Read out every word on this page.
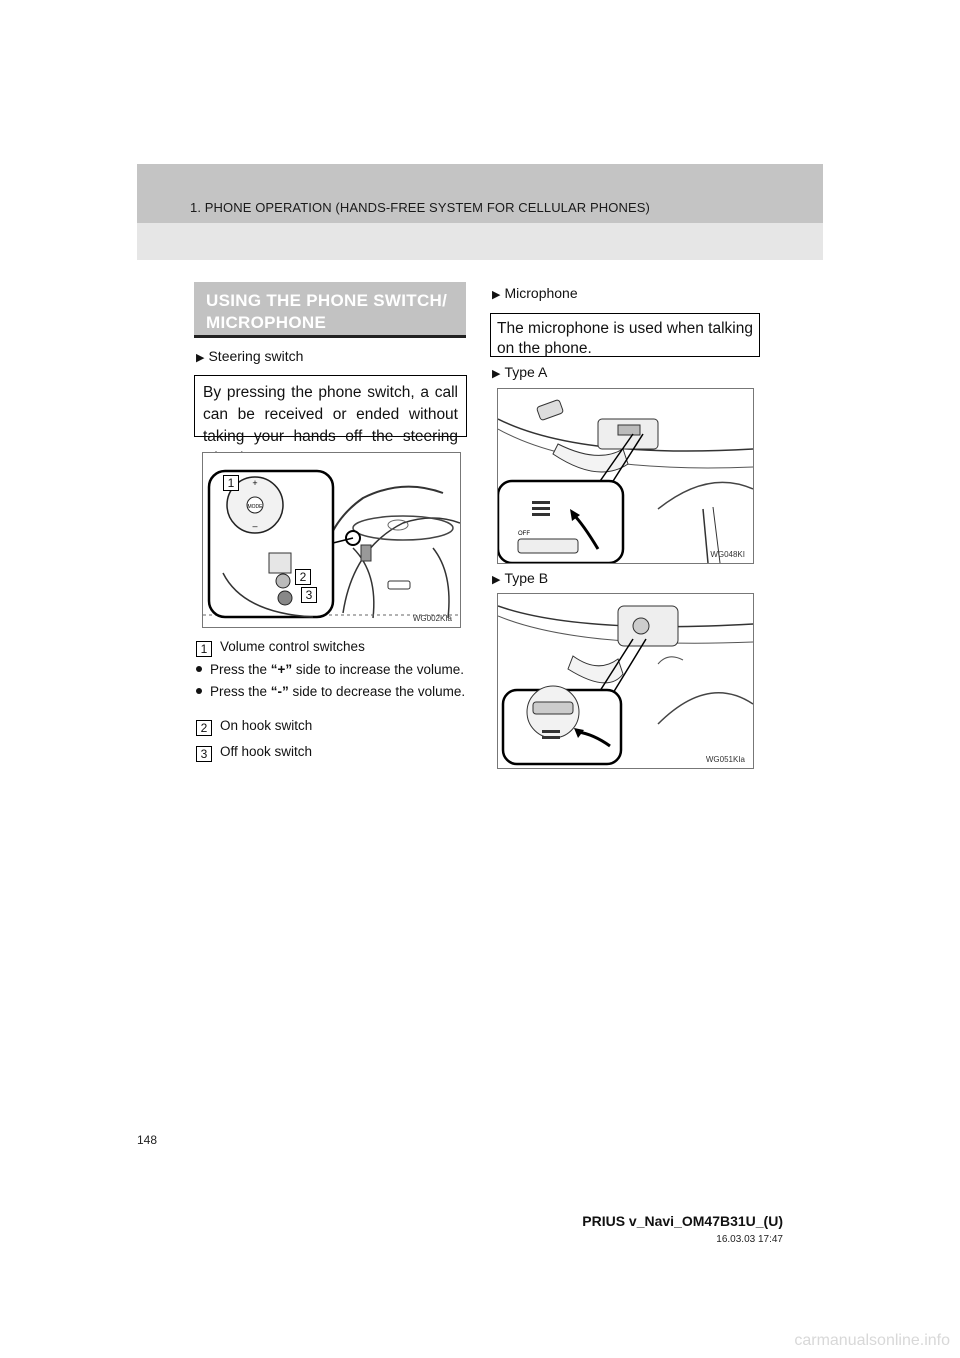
1. PHONE OPERATION (HANDS-FREE SYSTEM FOR CELLULAR PHONES)
USING THE PHONE SWITCH/
MICROPHONE
▶ Steering switch
By pressing the phone switch, a call can be received or ended without taking your hands off the steering
MODE
+
–
1
2
3
WG002KIa
1 Volume control switches
Press the “+” side to increase the volume.
Press the “-” side to decrease the volume.
2 On hook switch
3 Off hook switch
▶ Microphone
The microphone is used when talking on the phone.
▶ Type A
OFF
WG048KI
▶ Type B
WG051KIa
148
PRIUS v_Navi_OM47B31U_(U)
16.03.03 17:47
carmanualsonline.info
